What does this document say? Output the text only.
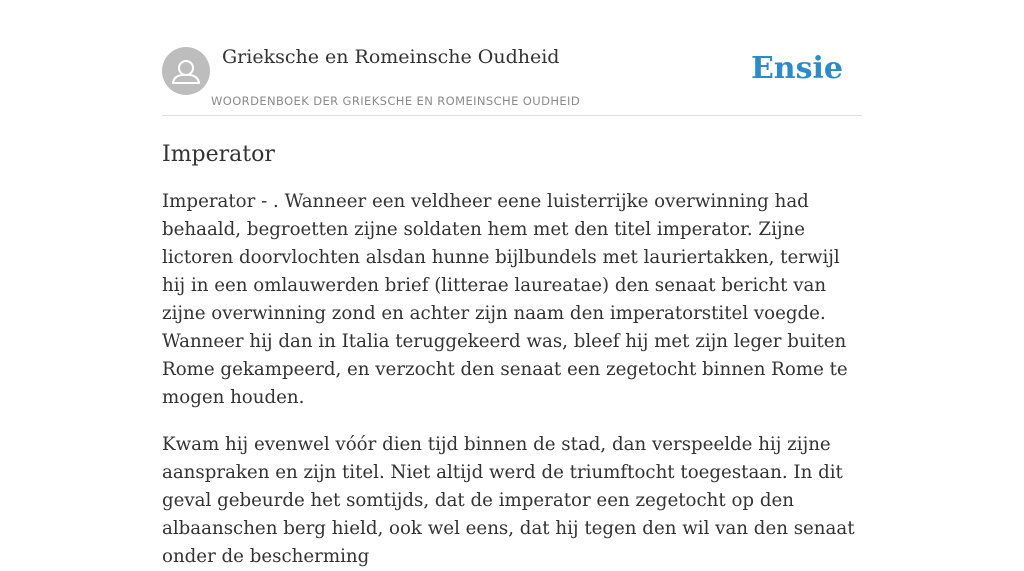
Grieksche en Romeinsche Oudheid
WOORDENBOEK DER GRIEKSCHE EN ROMEINSCHE OUDHEID
Ensie
Imperator

Imperator - . Wanneer een veldheer eene luisterrijke overwinning had behaald, begroetten zijne soldaten hem met den titel imperator. Zijne lictoren doorvlochten alsdan hunne bijlbundels met lauriertakken, terwijl hij in een omlauwerden brief (litterae laureatae) den senaat bericht van zijne overwinning zond en achter zijn naam den imperatorstitel voegde. Wanneer hij dan in Italia teruggekeerd was, bleef hij met zijn leger buiten Rome gekampeerd, en verzocht den senaat een zegetocht binnen Rome te mogen houden.

Kwam hij evenwel vóór dien tijd binnen de stad, dan verspeelde hij zijne aanspraken en zijn titel. Niet altijd werd de triumftocht toegestaan. In dit geval gebeurde het somtijds, dat de imperator een zegetocht op den albaanschen berg hield, ook wel eens, dat hij tegen den wil van den senaat onder de bescherming
